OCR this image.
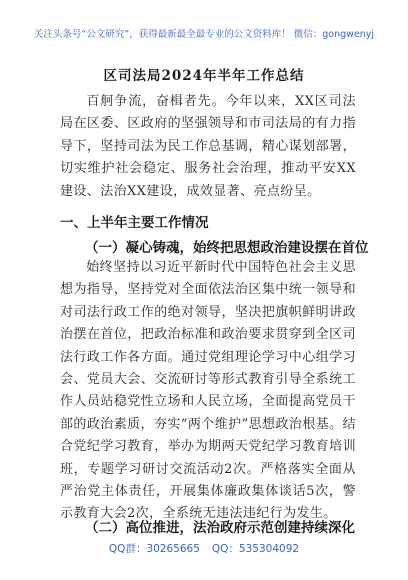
关注头条号“公文研究”，获得最新最全最专业的公文资料库！ 微信：gongwenyj
区司法局2024年半年工作总结
百舸争流，奋楫者先。今年以来，XX区司法局在区委、区政府的坚强领导和市司法局的有力指导下，坚持司法为民工作总基调，精心谋划部署，切实维护社会稳定、服务社会治理，推动平安XX建设、法治XX建设，成效显著、亮点纷呈。
一、上半年主要工作情况
（一）凝心铸魂，始终把思想政治建设摆在首位
始终坚持以习近平新时代中国特色社会主义思想为指导，坚持党对全面依法治区集中统一领导和对司法行政工作的绝对领导，坚决把旗帜鲜明讲政治摆在首位，把政治标准和政治要求贯穿到全区司法行政工作各方面。通过党组理论学习中心组学习会、党员大会、交流研讨等形式教育引导全系统工作人员站稳党性立场和人民立场，全面提高党员干部的政治素质，夯实“两个维护”思想政治根基。结合党纪学习教育，举办为期两天党纪学习教育培训班，专题学习研讨交流活动2次。严格落实全面从严治党主体责任，开展集体廉政集体谈话5次，警示教育大会2次，全系统无违法违纪行为发生。
（二）高位推进，法治政府示范创建持续深化
QQ群：30265665 QQ：535304092
